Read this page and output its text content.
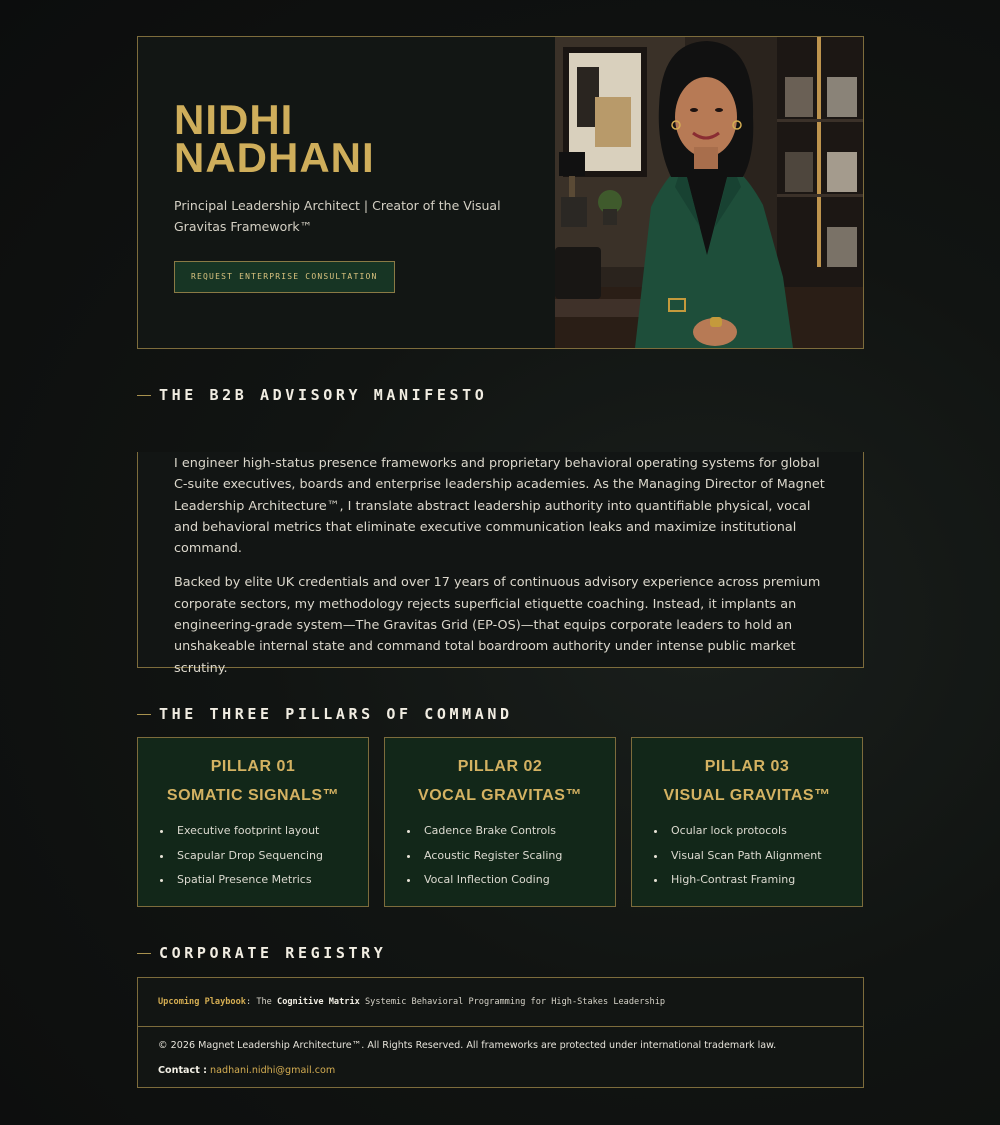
NIDHI
NADHANI

Principal Leadership Architect | Creator of the Visual Gravitas Framework™

REQUEST ENTERPRISE CONSULTATION
THE B2B ADVISORY MANIFESTO

I engineer high-status presence frameworks and proprietary behavioral operating systems for global C-suite executives, boards and enterprise leadership academies. As the Managing Director of Magnet Leadership Architecture™, I translate abstract leadership authority into quantifiable physical, vocal and behavioral metrics that eliminate executive communication leaks and maximize institutional command.

Backed by elite UK credentials and over 17 years of continuous advisory experience across premium corporate sectors, my methodology rejects superficial etiquette coaching. Instead, it implants an engineering-grade system—The Gravitas Grid (EP-OS)—that equips corporate leaders to hold an unshakeable internal state and command total boardroom authority under intense public market scrutiny.

THE THREE PILLARS OF COMMAND
PILLAR 01
SOMATIC SIGNALS™
Executive footprint layout
Scapular Drop Sequencing
Spatial Presence Metrics
PILLAR 02
VOCAL GRAVITAS™
Cadence Brake Controls
Acoustic Register Scaling
Vocal Inflection Coding
PILLAR 03
VISUAL GRAVITAS™
Ocular lock protocols
Visual Scan Path Alignment
High-Contrast Framing
CORPORATE REGISTRY
Upcoming Playbook: The Cognitive Matrix Systemic Behavioral Programming for High-Stakes Leadership
© 2026 Magnet Leadership Architecture™. All Rights Reserved. All frameworks are protected under international trademark law.
Contact : nadhani.nidhi@gmail.com
